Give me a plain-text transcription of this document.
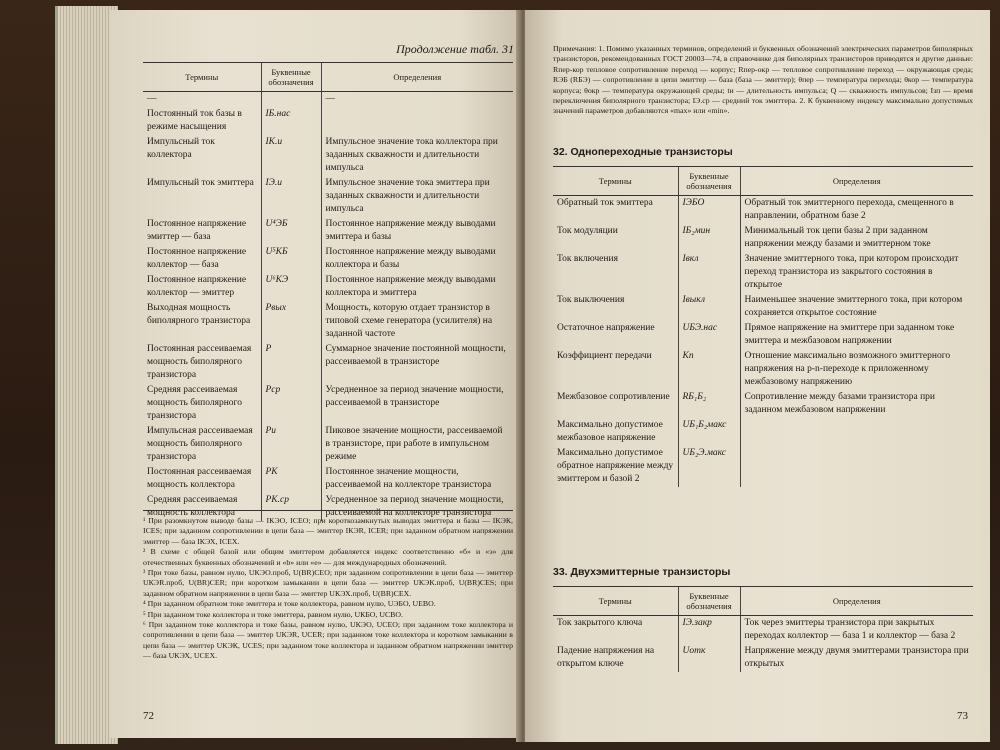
Продолжение табл. 31
Термины	Буквенные обозначения	Определения
—		—
Постоянный ток базы в режиме насыщения	IБ.нас	
Импульсный ток коллектора	IК.и	Импульсное значение тока коллектора при заданных скважности и длительности импульса
Импульсный ток эмиттера	IЭ.и	Импульсное значение тока эмиттера при заданных скважности и длительности импульса
Постоянное напряжение эмиттер — база	U⁴ЭБ	Постоянное напряжение между выводами эмиттера и базы
Постоянное напряжение коллектор — база	U⁵КБ	Постоянное напряжение между выводами коллектора и базы
Постоянное напряжение коллектор — эмиттер	U⁶КЭ	Постоянное напряжение между выводами коллектора и эмиттера
Выходная мощность биполярного транзистора	Pвых	Мощность, которую отдает транзистор в типовой схеме генератора (усилителя) на заданной частоте
Постоянная рассеиваемая мощность биполярного транзистора	P	Суммарное значение постоянной мощности, рассеиваемой в транзисторе
Средняя рассеиваемая мощность биполярного транзистора	Pср	Усредненное за период значение мощности, рассеиваемой в транзисторе
Импульсная рассеиваемая мощность биполярного транзистора	Pи	Пиковое значение мощности, рассеиваемой в транзисторе, при работе в импульсном режиме
Постоянная рассеиваемая мощность коллектора	PК	Постоянное значение мощности, рассеиваемой на коллекторе транзистора
Средняя рассеиваемая мощность коллектора	PК.ср	Усредненное за период значение мощности, рассеиваемой на коллекторе транзистора

¹ При разомкнутом выводе базы — IКЭО, ICEO; при короткозамкнутых выводах эмиттера и базы — IКЭК, ICES; при заданном сопротивлении в цепи база — эмиттер IКЭR, ICER; при заданном обратном напряжении эмиттер — база IКЭХ, ICEX.

² В схеме с общей базой или общим эмиттером добавляется индекс соответственно «б» и «э» для отечественных буквенных обозначений и «b» или «e» — для международных обозначений.

³ При токе базы, равном нулю, UКЭО.проб, U(BR)CEO; при заданном сопротивлении в цепи база — эмиттер UКЭR.проб, U(BR)CER; при коротком замыкании в цепи база — эмиттер UКЭК.проб, U(BR)CES; при заданном обратном напряжении в цепи база — эмиттер UКЭХ.проб, U(BR)CEX.

⁴ При заданном обратном токе эмиттера и токе коллектора, равном нулю, UЭБО, UEBO.

⁵ При заданном токе коллектора и токе эмиттера, равном нулю, UКБО, UCBO.

⁶ При заданном токе коллектора и токе базы, равном нулю, UКЭО, UCEO; при заданном токе коллектора и сопротивлении в цепи база — эмиттер UКЭR, UCER; при заданном токе коллектора и коротком замыкании в цепи база — эмиттер UКЭК, UCES; при заданном токе коллектора и заданном обратном напряжении эмиттер — база UКЭХ, UCEX.

72

Примечания: 1. Помимо указанных терминов, определений и буквенных обозначений электрических параметров биполярных транзисторов, рекомендованных ГОСТ 20003—74, в справочнике для биполярных транзисторов приводятся и другие данные: Rпер-кор тепловое сопротивление переход — корпус; Rпер-окр — тепловое сопротивление переход — окружающая среда; RЭБ (RБЭ) — сопротивление в цепи эмиттер — база (база — эмиттер); θпер — температура перехода; θкор — температура корпуса; θокр — температура окружающей среды; tи — длительность импульса; Q — скважность импульсов; Iзп — время переключения биполярного транзистора; IЭ.ср — средний ток эмиттера. 2. К буквенному индексу максимально допустимых значений параметров добавляются «max» или «min».

32. Однопереходные транзисторы
Термины	Буквенные обозначения	Определения
Обратный ток эмиттера	IЭБО	Обратный ток эмиттерного перехода, смещенного в направлении, обратном базе 2
Ток модуляции	IБ₂мин	Минимальный ток цепи базы 2 при заданном напряжении между базами и эмиттерном токе
Ток включения	Iвкл	Значение эмиттерного тока, при котором происходит переход транзистора из закрытого состояния в открытое
Ток выключения	Iвыкл	Наименьшее значение эмиттерного тока, при котором сохраняется открытое состояние
Остаточное напряжение	UБЭ.нас	Прямое напряжение на эмиттере при заданном токе эмиттера и межбазовом напряжении
Коэффициент передачи	Kп	Отношение максимально возможного эмиттерного напряжения на p-n-переходе к приложенному межбазовому напряжению
Межбазовое сопротивление	RБ₁Б₂	Сопротивление между базами транзистора при заданном межбазовом напряжении
Максимально допустимое межбазовое напряжение	UБ₁Б₂макс	
Максимально допустимое обратное напряжение между эмиттером и базой 2	UБ₂Э.макс	
33. Двухэмиттерные транзисторы
Термины	Буквенные обозначения	Определения
Ток закрытого ключа	IЭ.закр	Ток через эмиттеры транзистора при закрытых переходах коллектор — база 1 и коллектор — база 2
Падение напряжения на открытом ключе	Uотк	Напряжение между двумя эмиттерами транзистора при открытых
73
